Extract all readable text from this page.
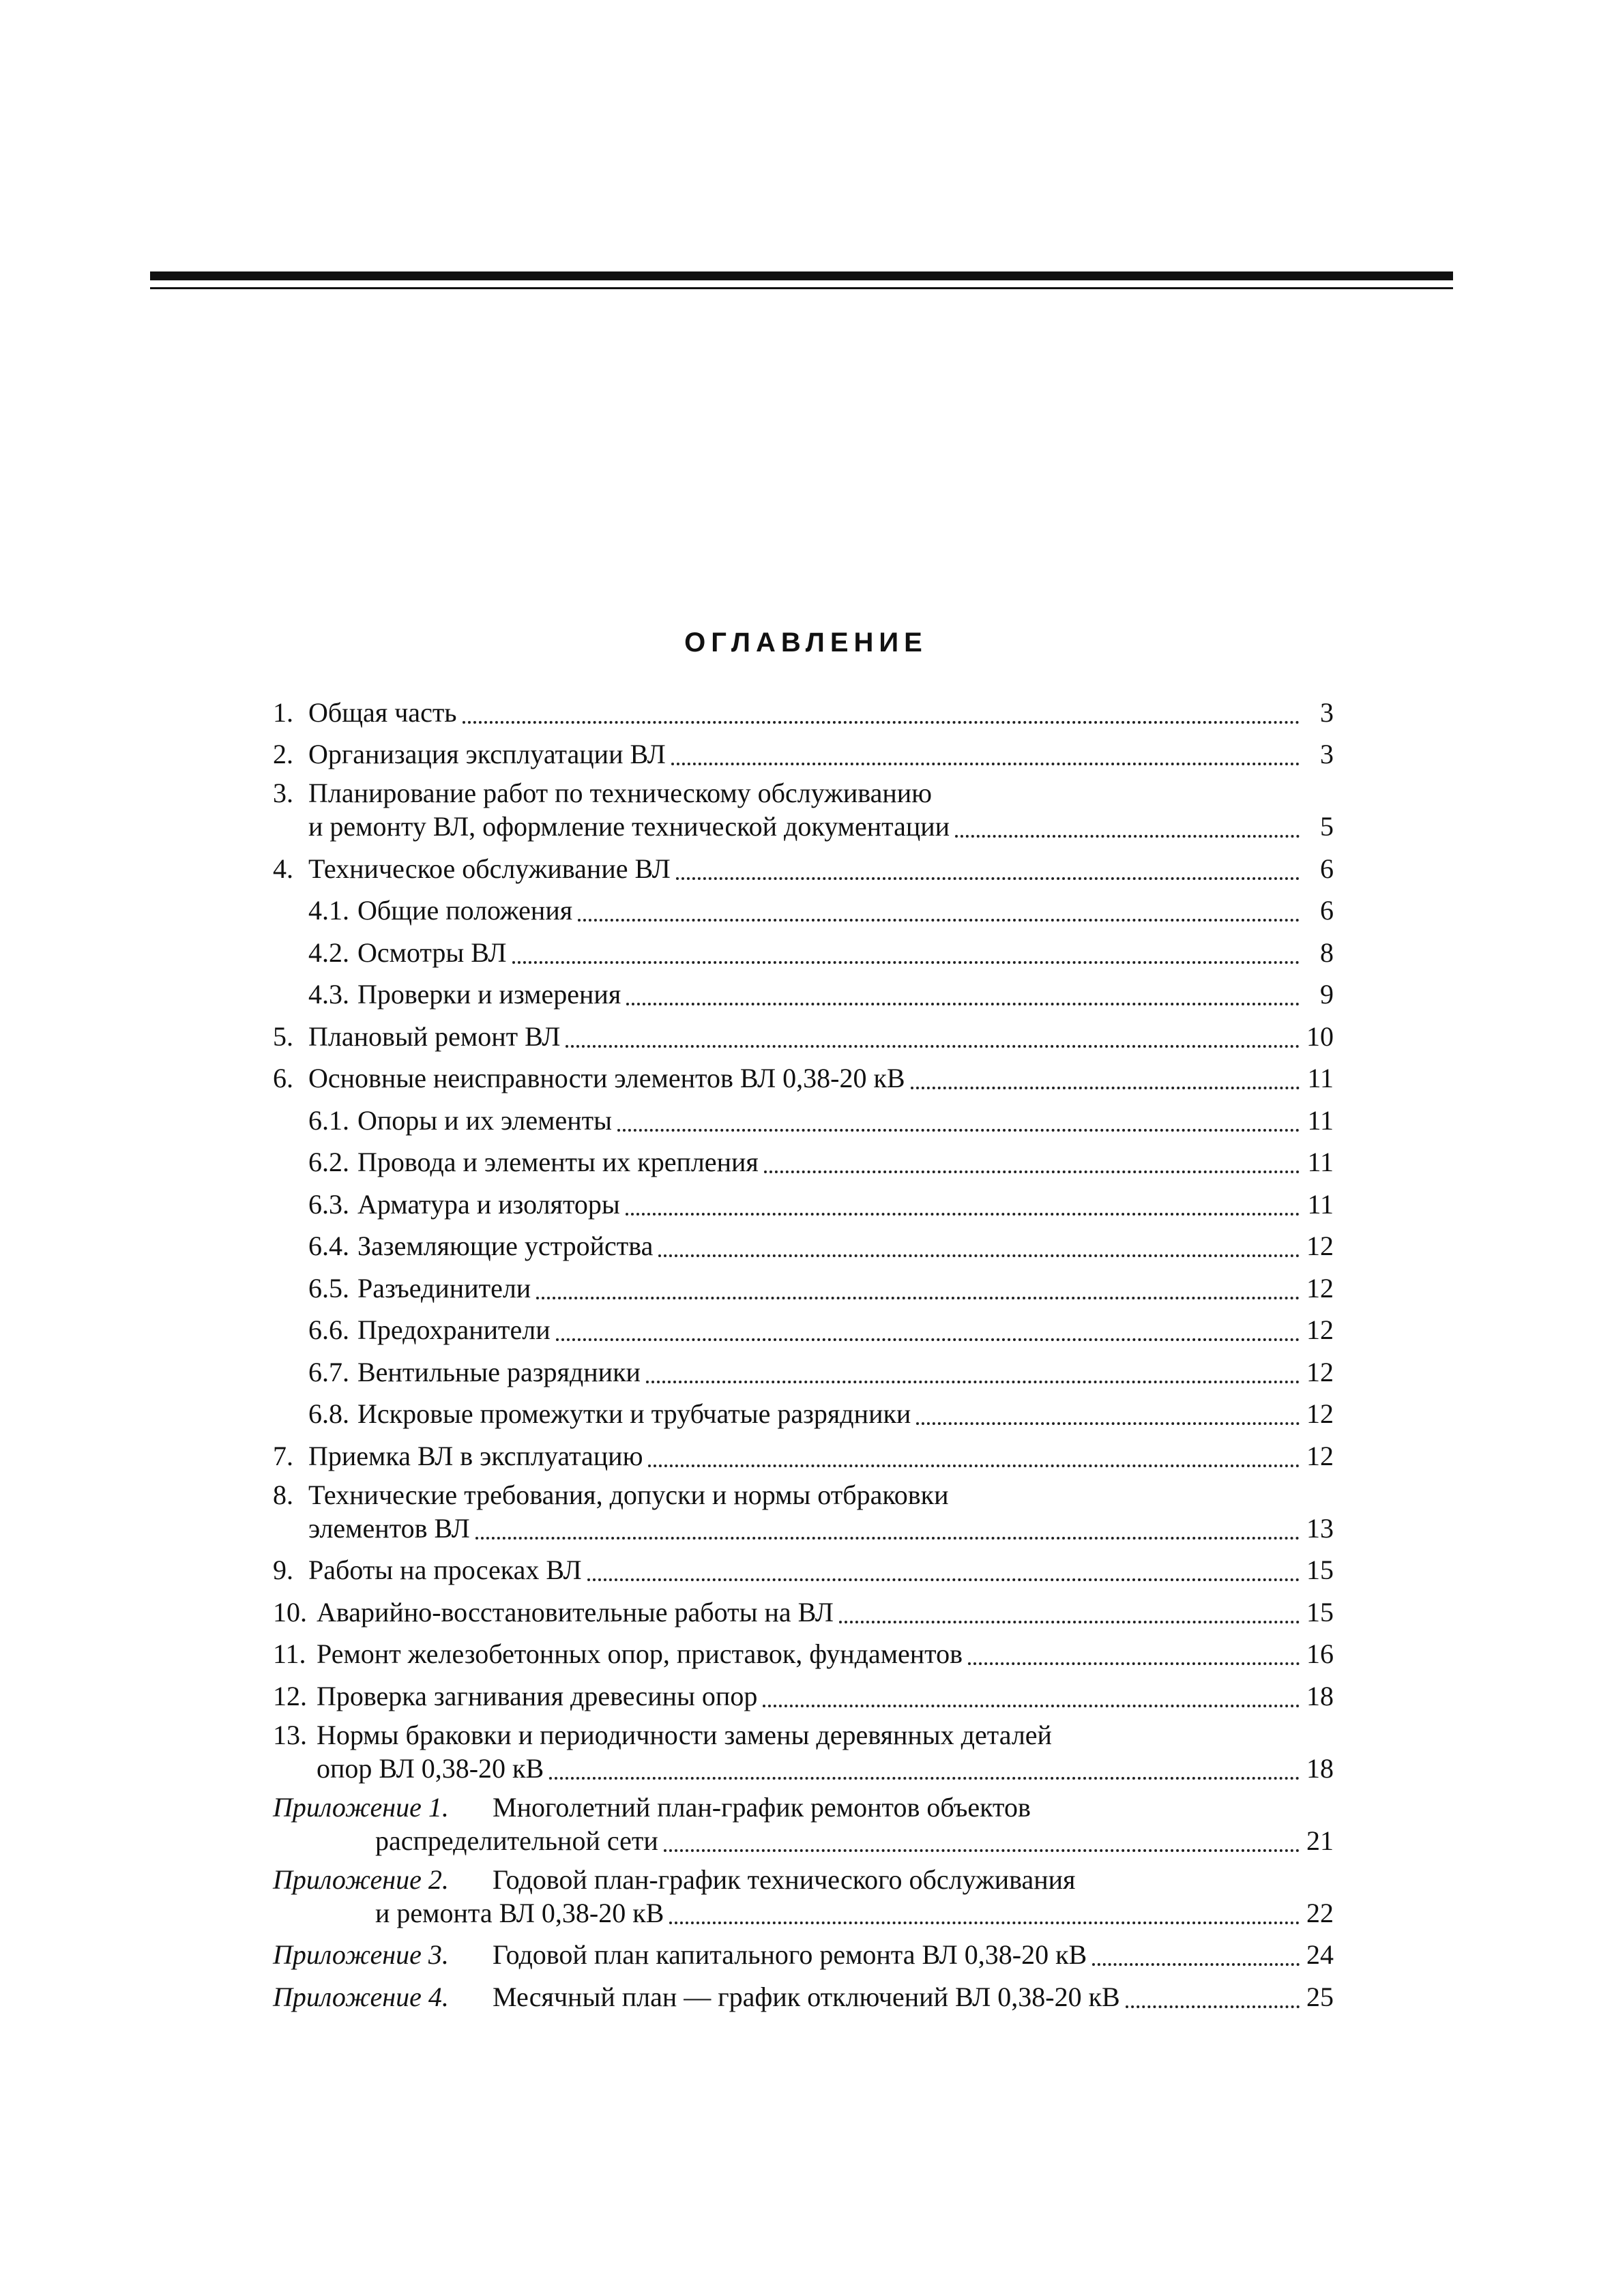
ОГЛАВЛЕНИЕ
1. Общая часть	3
2. Организация эксплуатации ВЛ	3
3. Планирование работ по техническому обслуживанию
и ремонту ВЛ, оформление технической документации	5
4. Техническое обслуживание ВЛ	6
4.1. Общие положения	6
4.2. Осмотры ВЛ	8
4.3. Проверки и измерения	9
5. Плановый ремонт ВЛ	10
6. Основные неисправности элементов ВЛ 0,38-20 кВ	11
6.1. Опоры и их элементы	11
6.2. Провода и элементы их крепления	11
6.3. Арматура и изоляторы	11
6.4. Заземляющие устройства	12
6.5. Разъединители	12
6.6. Предохранители	12
6.7. Вентильные разрядники	12
6.8. Искровые промежутки и трубчатые разрядники	12
7. Приемка ВЛ в эксплуатацию	12
8. Технические требования, допуски и нормы отбраковки
элементов ВЛ	13
9. Работы на просеках ВЛ	15
10. Аварийно-восстановительные работы на ВЛ	15
11. Ремонт железобетонных опор, приставок, фундаментов	16
12. Проверка загнивания древесины опор	18
13. Нормы браковки и периодичности замены деревянных деталей
опор ВЛ 0,38-20 кВ	18
Приложение 1. Многолетний план-график ремонтов объектов
распределительной сети	21
Приложение 2. Годовой план-график технического обслуживания
и ремонта ВЛ 0,38-20 кВ	22
Приложение 3.	Годовой план капитального ремонта ВЛ 0,38-20 кВ	24
Приложение 4.	Месячный план — график отключений ВЛ 0,38-20 кВ	25
